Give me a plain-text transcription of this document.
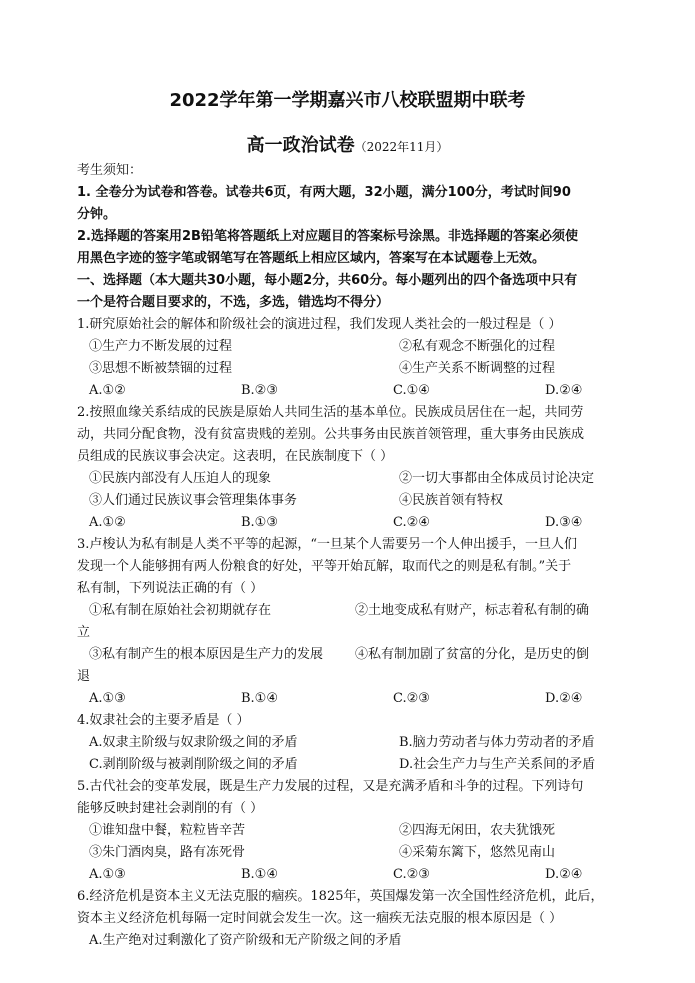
2022学年第一学期嘉兴市八校联盟期中联考
高一政治试卷（2022年11月）
考生须知：
1. 全卷分为试卷和答卷。试卷共6页，有两大题，32小题，满分100分，考试时间90
分钟。
2.选择题的答案用2B铅笔将答题纸上对应题目的答案标号涂黑。非选择题的答案必须使
用黑色字迹的签字笔或钢笔写在答题纸上相应区域内，答案写在本试题卷上无效。
一、选择题（本大题共30小题，每小题2分，共60分。每小题列出的四个备选项中只有
一个是符合题目要求的，不选，多选，错选均不得分）
1.研究原始社会的解体和阶级社会的演进过程，我们发现人类社会的一般过程是（ ）
①生产力不断发展的过程	②私有观念不断强化的过程
③思想不断被禁锢的过程	④生产关系不断调整的过程
A.①②	B.②③	C.①④	D.②④
2.按照血缘关系结成的民族是原始人共同生活的基本单位。民族成员居住在一起，共同劳
动，共同分配食物，没有贫富贵贱的差别。公共事务由民族首领管理，重大事务由民族成
员组成的民族议事会决定。这表明，在民族制度下（ ）
①民族内部没有人压迫人的现象	②一切大事都由全体成员讨论决定
③人们通过民族议事会管理集体事务	④民族首领有特权
A.①②	B.①③	C.②④	D.③④
3.卢梭认为私有制是人类不平等的起源，“一旦某个人需要另一个人伸出援手，一旦人们
发现一个人能够拥有两人份粮食的好处，平等开始瓦解，取而代之的则是私有制。”关于
私有制，下列说法正确的有（ ）
①私有制在原始社会初期就存在	②土地变成私有财产，标志着私有制的确
立
③私有制产生的根本原因是生产力的发展	④私有制加剧了贫富的分化，是历史的倒
退
A.①③	B.①④	C.②③	D.②④
4.奴隶社会的主要矛盾是（ ）
A.奴隶主阶级与奴隶阶级之间的矛盾	B.脑力劳动者与体力劳动者的矛盾
C.剥削阶级与被剥削阶级之间的矛盾	D.社会生产力与生产关系间的矛盾
5.古代社会的变革发展，既是生产力发展的过程，又是充满矛盾和斗争的过程。下列诗句
能够反映封建社会剥削的有（ ）
①谁知盘中餐，粒粒皆辛苦	②四海无闲田，农夫犹饿死
③朱门酒肉臭，路有冻死骨	④采菊东篱下，悠然见南山
A.①③	B.①④	C.②③	D.②④
6.经济危机是资本主义无法克服的痼疾。1825年，英国爆发第一次全国性经济危机，此后，
资本主义经济危机每隔一定时间就会发生一次。这一痼疾无法克服的根本原因是（ ）
A.生产绝对过剩激化了资产阶级和无产阶级之间的矛盾
